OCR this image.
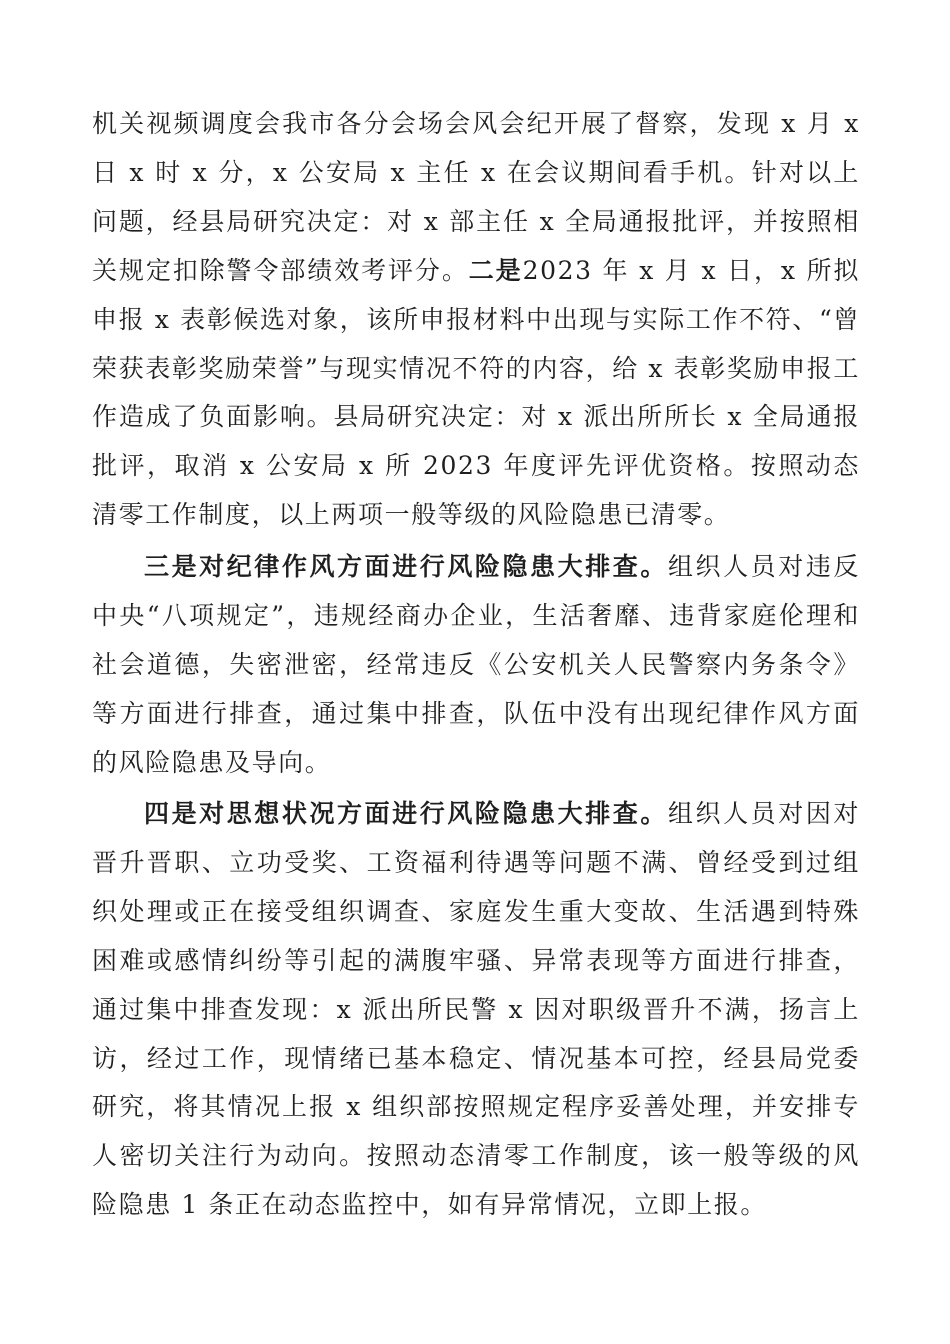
机关视频调度会我市各分会场会风会纪开展了督察，发现 x 月 x 日 x 时 x 分，x 公安局 x 主任 x 在会议期间看手机。针对以上问题，经县局研究决定：对 x 部主任 x 全局通报批评，并按照相关规定扣除警令部绩效考评分。二是2023 年 x 月 x 日，x 所拟申报 x 表彰候选对象，该所申报材料中出现与实际工作不符、“曾荣获表彰奖励荣誉”与现实情况不符的内容，给 x 表彰奖励申报工作造成了负面影响。县局研究决定：对 x 派出所所长 x 全局通报批评，取消 x 公安局 x 所 2023 年度评先评优资格。按照动态清零工作制度，以上两项一般等级的风险隐患已清零。

三是对纪律作风方面进行风险隐患大排查。组织人员对违反中央“八项规定”，违规经商办企业，生活奢靡、违背家庭伦理和社会道德，失密泄密，经常违反《公安机关人民警察内务条令》等方面进行排查，通过集中排查，队伍中没有出现纪律作风方面的风险隐患及导向。

四是对思想状况方面进行风险隐患大排查。组织人员对因对晋升晋职、立功受奖、工资福利待遇等问题不满、曾经受到过组织处理或正在接受组织调查、家庭发生重大变故、生活遇到特殊困难或感情纠纷等引起的满腹牢骚、异常表现等方面进行排查，通过集中排查发现：x 派出所民警 x 因对职级晋升不满，扬言上访，经过工作，现情绪已基本稳定、情况基本可控，经县局党委研究，将其情况上报 x 组织部按照规定程序妥善处理，并安排专人密切关注行为动向。按照动态清零工作制度，该一般等级的风险隐患 1 条正在动态监控中，如有异常情况，立即上报。
